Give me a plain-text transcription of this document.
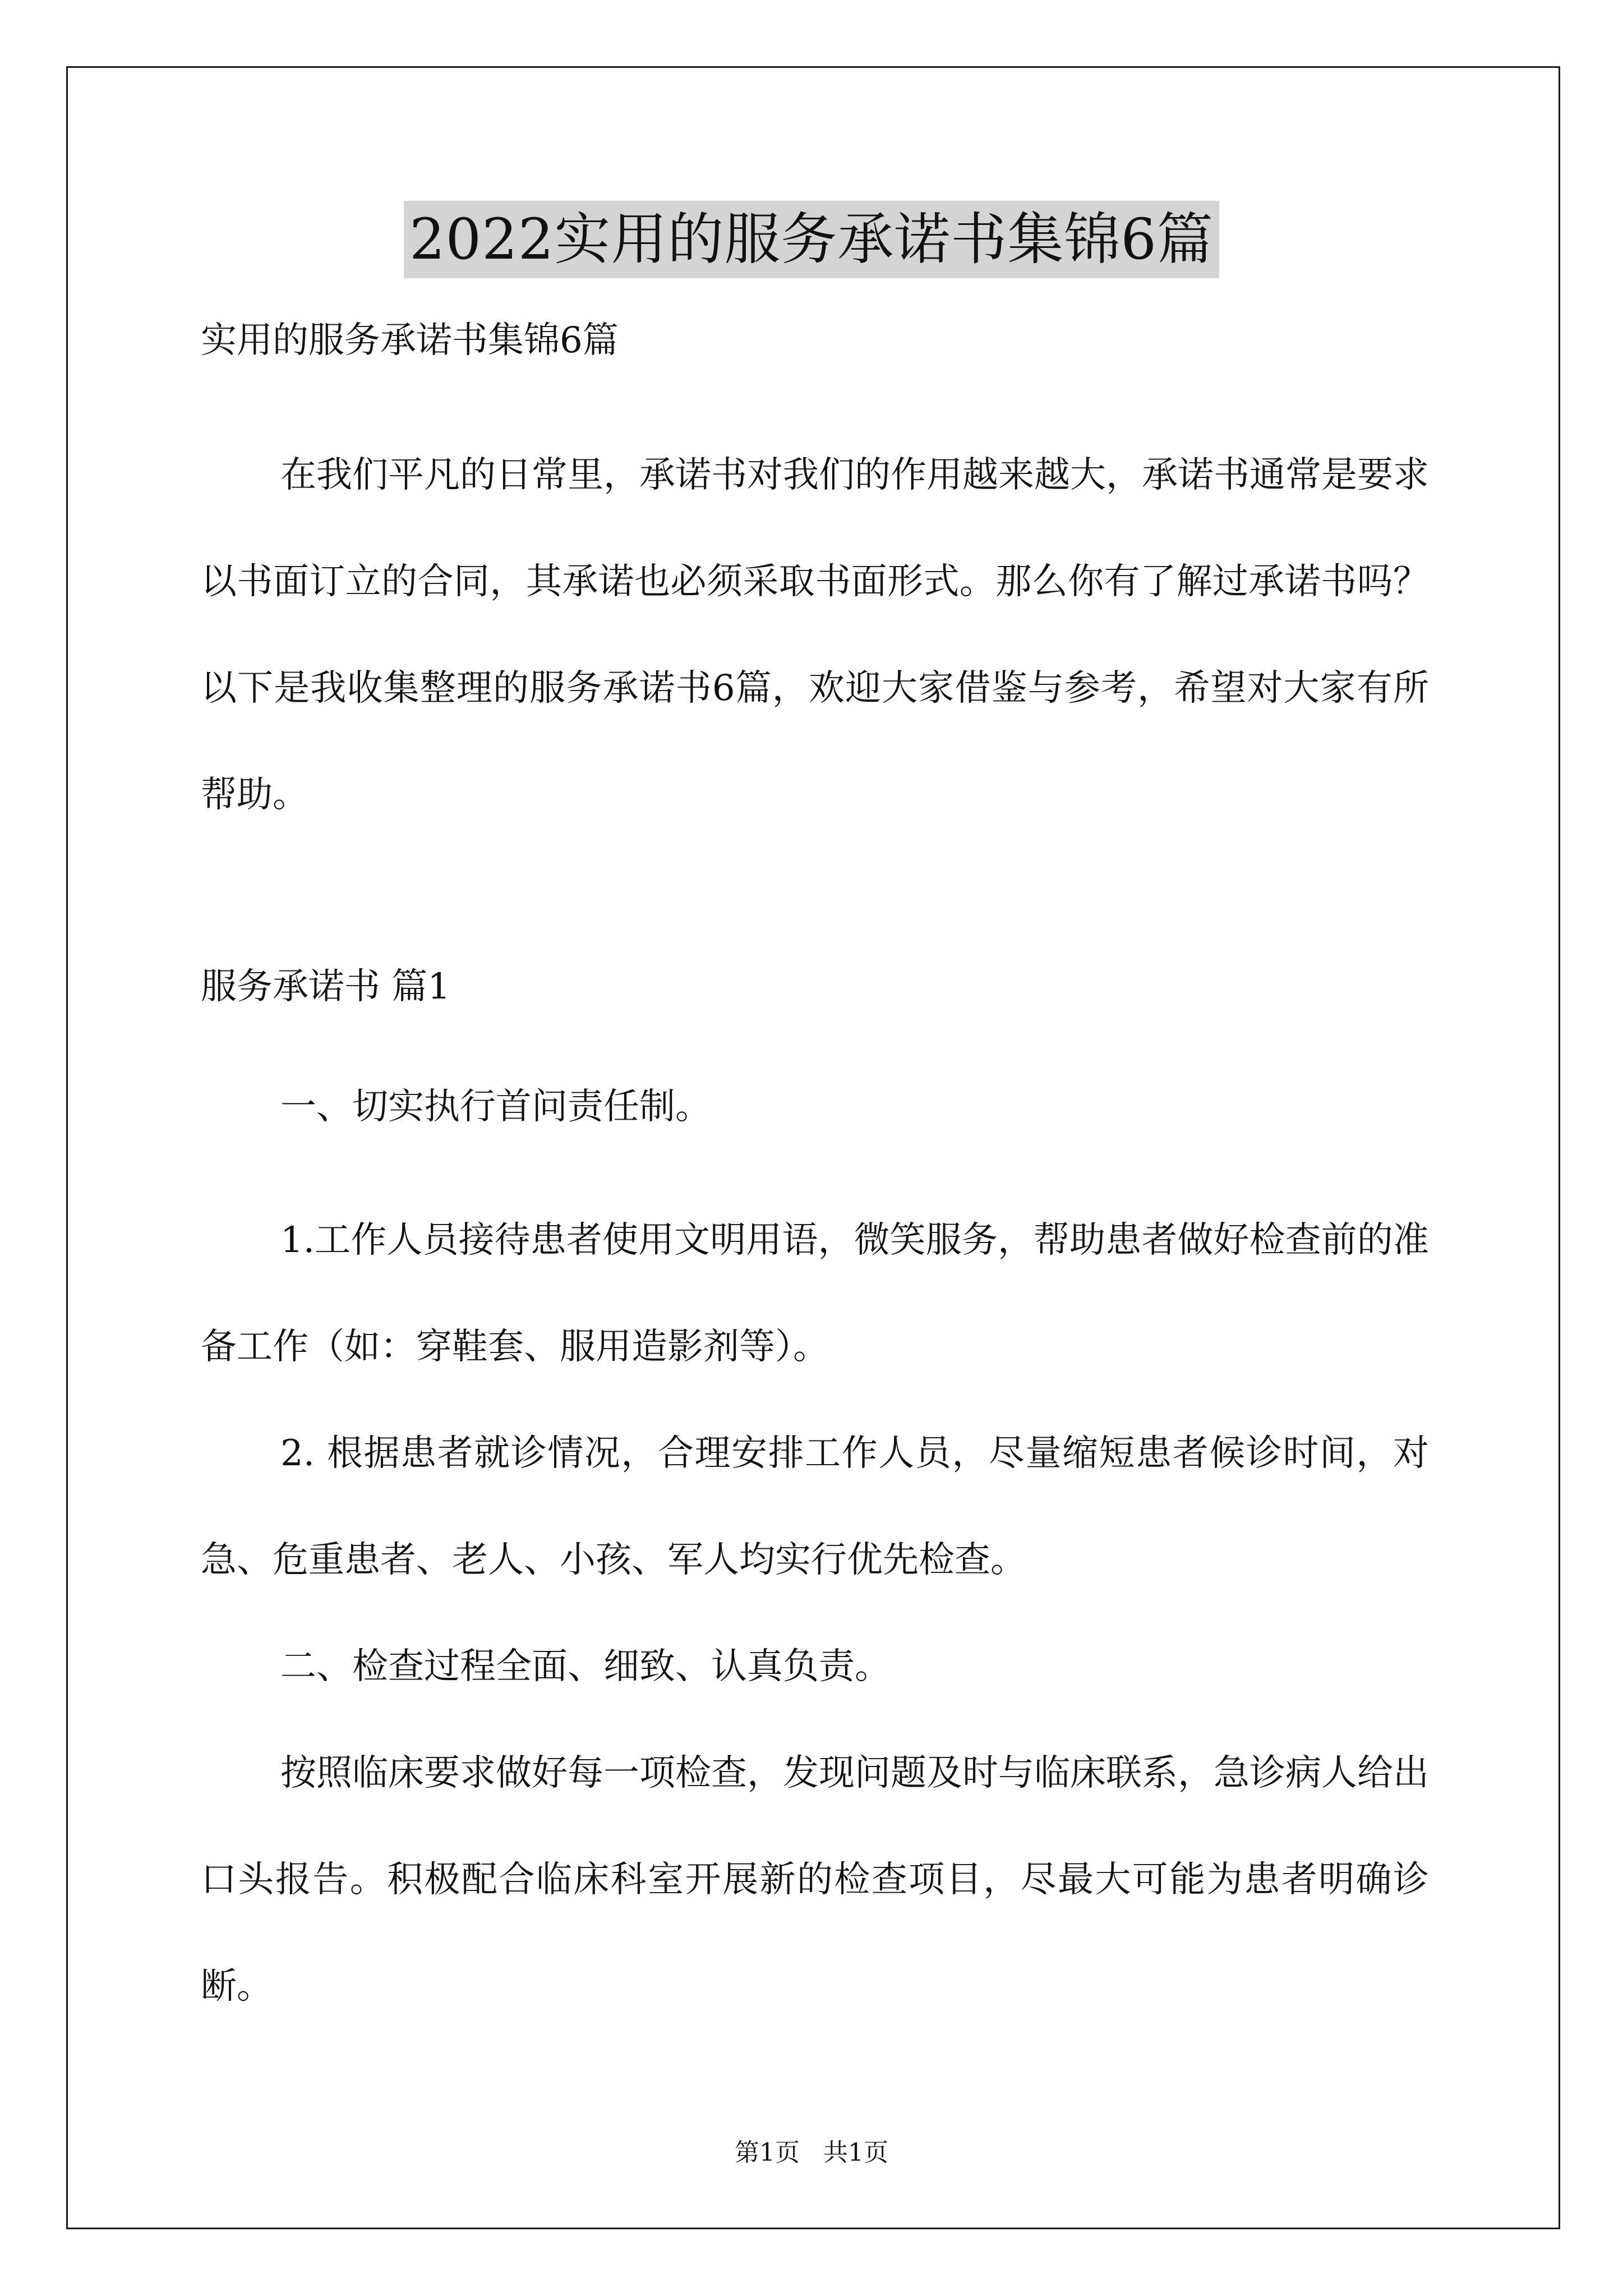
2022实用的服务承诺书集锦6篇

实用的服务承诺书集锦6篇

在我们平凡的日常里，承诺书对我们的作用越来越大，承诺书通常是要求以书面订立的合同，其承诺也必须采取书面形式。那么你有了解过承诺书吗？以下是我收集整理的服务承诺书6篇，欢迎大家借鉴与参考，希望对大家有所帮助。

服务承诺书 篇1

一、切实执行首问责任制。

1.工作人员接待患者使用文明用语，微笑服务，帮助患者做好检查前的准备工作（如：穿鞋套、服用造影剂等）。

2. 根据患者就诊情况，合理安排工作人员，尽量缩短患者候诊时间，对急、危重患者、老人、小孩、军人均实行优先检查。

二、检查过程全面、细致、认真负责。

按照临床要求做好每一项检查，发现问题及时与临床联系，急诊病人给出口头报告。积极配合临床科室开展新的检查项目，尽最大可能为患者明确诊断。

第1页 共1页
